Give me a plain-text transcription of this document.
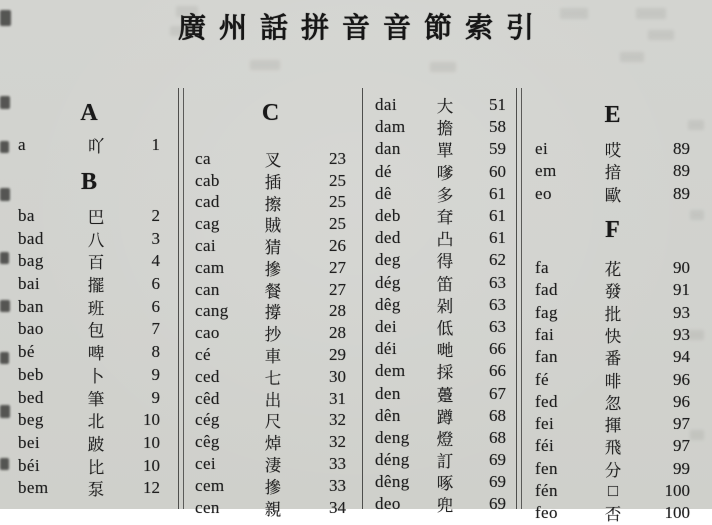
廣州話拼音音節索引
A
a	吖	1
B
ba	巴	2
bad	八	3
bag	百	4
bai	擺	6
ban	班	6
bao	包	7
bé	啤	8
beb	卜	9
bed	筆	9
beg	北	10
bei	跛	10
béi	比	10
bem	泵	12
C
ca	叉	23
cab	插	25
cad	擦	25
cag	賊	25
cai	猜	26
cam	摻	27
can	餐	27
cang	撐	28
cao	抄	28
cé	車	29
ced	七	30
cêd	出	31
cég	尺	32
cêg	焯	32
cei	淒	33
cem	摻	33
cen	親	34
dai	大	51
dam	擔	58
dan	單	59
dé	嗲	60
dê	多	61
deb	耷	61
ded	凸	61
deg	得	62
dég	笛	63
dêg	剁	63
dei	低	63
déi	哋	66
dem	採	66
den	躉	67
dên	蹲	68
deng	燈	68
déng	訂	69
dêng	啄	69
deo	兜	69
E
ei	哎	89
em	揞	89
eo	歐	89
F
fa	花	90
fad	發	91
fag	批	93
fai	快	93
fan	番	94
fé	啡	96
fed	忽	96
fei	揮	97
féi	飛	97
fen	分	99
fén	□	100
feo	否	100
